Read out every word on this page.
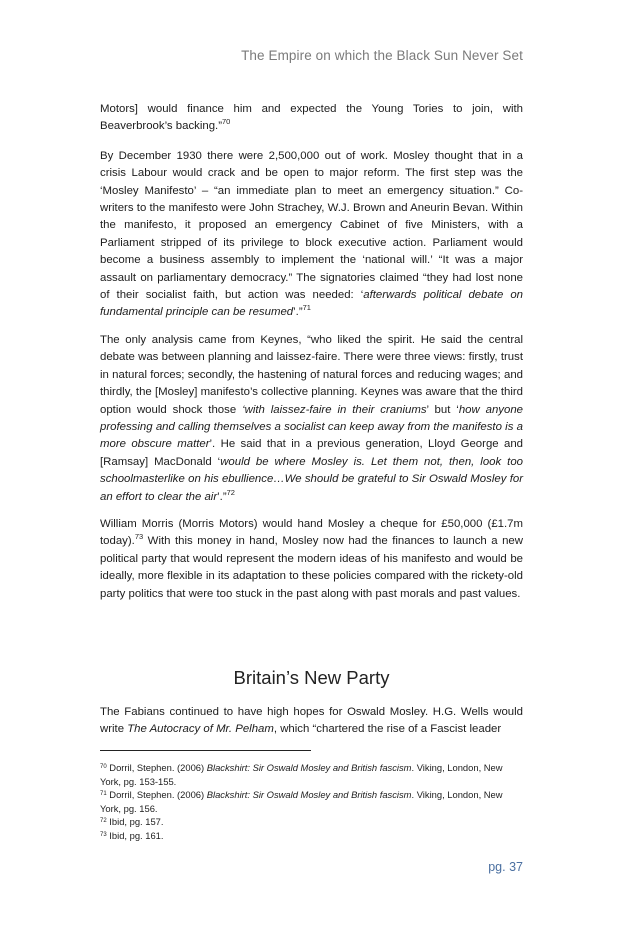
The Empire on which the Black Sun Never Set

Motors] would finance him and expected the Young Tories to join, with Beaverbrook’s backing.”$^{70}$

By December 1930 there were 2,500,000 out of work. Mosley thought that in a crisis Labour would crack and be open to major reform. The first step was the ‘Mosley Manifesto’ – “an immediate plan to meet an emergency situation.” Co-writers to the manifesto were John Strachey, W.J. Brown and Aneurin Bevan. Within the manifesto, it proposed an emergency Cabinet of five Ministers, with a Parliament stripped of its privilege to block executive action. Parliament would become a business assembly to implement the ‘national will.’ “It was a major assault on parliamentary democracy.” The signatories claimed “they had lost none of their socialist faith, but action was needed: ‘afterwards political debate on fundamental principle can be resumed’.”$^{71}$

The only analysis came from Keynes, “who liked the spirit. He said the central debate was between planning and laissez-faire. There were three views: firstly, trust in natural forces; secondly, the hastening of natural forces and reducing wages; and thirdly, the [Mosley] manifesto’s collective planning. Keynes was aware that the third option would shock those ‘with laissez-faire in their craniums’ but ‘how anyone professing and calling themselves a socialist can keep away from the manifesto is a more obscure matter’. He said that in a previous generation, Lloyd George and [Ramsay] MacDonald ‘would be where Mosley is. Let them not, then, look too schoolmasterlike on his ebullience…We should be grateful to Sir Oswald Mosley for an effort to clear the air’.”$^{72}$

William Morris (Morris Motors) would hand Mosley a cheque for £50,000 (£1.7m today).$^{73}$ With this money in hand, Mosley now had the finances to launch a new political party that would represent the modern ideas of his manifesto and would be ideally, more flexible in its adaptation to these policies compared with the rickety-old party politics that were too stuck in the past along with past morals and past values.

Britain’s New Party

The Fabians continued to have high hopes for Oswald Mosley. H.G. Wells would write The Autocracy of Mr. Pelham, which “chartered the rise of a Fascist leader

$^{70}$ Dorril, Stephen. (2006) Blackshirt: Sir Oswald Mosley and British fascism. Viking, London, New York, pg. 153-155.

$^{71}$ Dorril, Stephen. (2006) Blackshirt: Sir Oswald Mosley and British fascism. Viking, London, New York, pg. 156.

$^{72}$ Ibid, pg. 157.

$^{73}$ Ibid, pg. 161.

pg. 37
